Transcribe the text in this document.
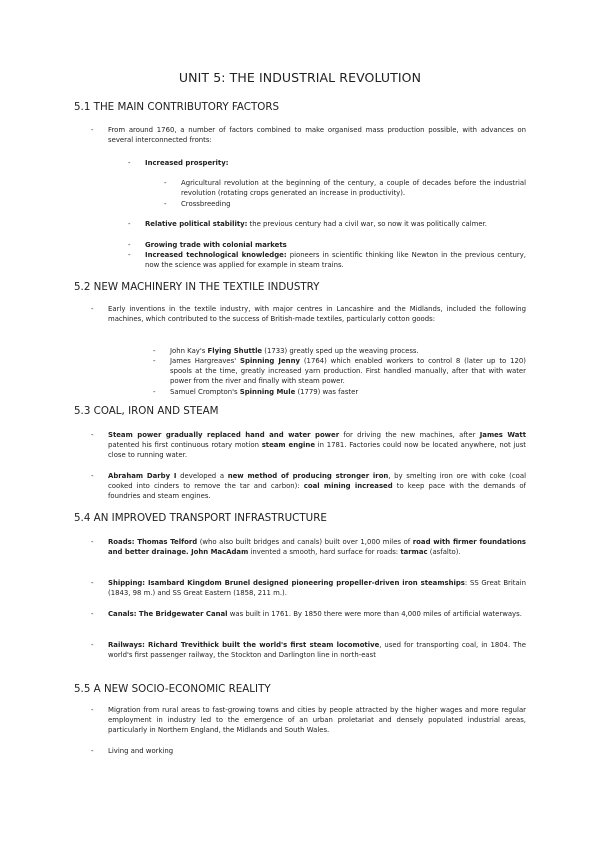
UNIT 5: THE INDUSTRIAL REVOLUTION
5.1 THE MAIN CONTRIBUTORY FACTORS
- From around 1760, a number of factors combined to make organised mass production possible, with advances on several interconnected fronts:
- Increased prosperity:
- Agricultural revolution at the beginning of the century, a couple of decades before the industrial revolution (rotating crops generated an increase in productivity).
- Crossbreeding
- Relative political stability: the previous century had a civil war, so now it was politically calmer.
- Growing trade with colonial markets
- Increased technological knowledge: pioneers in scientific thinking like Newton in the previous century, now the science was applied for example in steam trains.
5.2 NEW MACHINERY IN THE TEXTILE INDUSTRY
- Early inventions in the textile industry, with major centres in Lancashire and the Midlands, included the following machines, which contributed to the success of British-made textiles, particularly cotton goods:
- John Kay's Flying Shuttle (1733) greatly sped up the weaving process.
- James Hargreaves' Spinning Jenny (1764) which enabled workers to control 8 (later up to 120) spools at the time, greatly increased yarn production. First handled manually, after that with water power from the river and finally with steam power.
- Samuel Crompton's Spinning Mule (1779) was faster
5.3 COAL, IRON AND STEAM
- Steam power gradually replaced hand and water power for driving the new machines, after James Watt patented his first continuous rotary motion steam engine in 1781. Factories could now be located anywhere, not just close to running water.
- Abraham Darby I developed a new method of producing stronger iron, by smelting iron ore with coke (coal cooked into cinders to remove the tar and carbon): coal mining increased to keep pace with the demands of foundries and steam engines.
5.4 AN IMPROVED TRANSPORT INFRASTRUCTURE
- Roads: Thomas Telford (who also built bridges and canals) built over 1,000 miles of road with firmer foundations and better drainage. John MacAdam invented a smooth, hard surface for roads: tarmac (asfalto).
- Shipping: Isambard Kingdom Brunel designed pioneering propeller-driven iron steamships: SS Great Britain (1843, 98 m.) and SS Great Eastern (1858, 211 m.).
- Canals: The Bridgewater Canal was built in 1761. By 1850 there were more than 4,000 miles of artificial waterways.
- Railways: Richard Trevithick built the world's first steam locomotive, used for transporting coal, in 1804. The world's first passenger railway, the Stockton and Darlington line in north-east
5.5 A NEW SOCIO-ECONOMIC REALITY
- Migration from rural areas to fast-growing towns and cities by people attracted by the higher wages and more regular employment in industry led to the emergence of an urban proletariat and densely populated industrial areas, particularly in Northern England, the Midlands and South Wales.
- Living and working
